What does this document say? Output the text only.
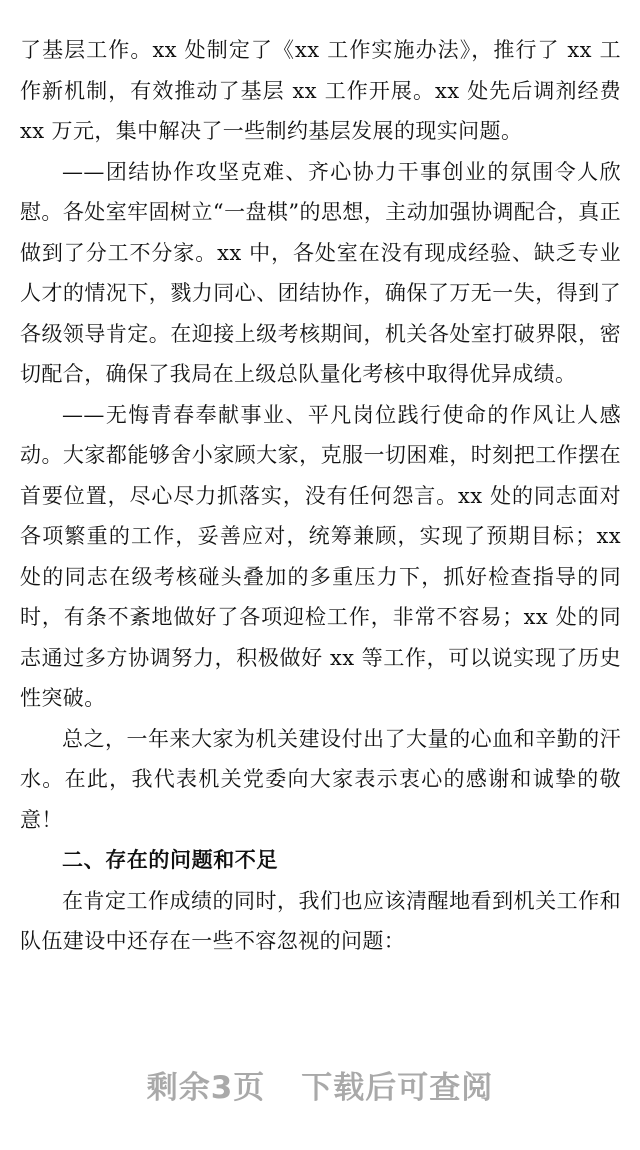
了基层工作。xx 处制定了《xx 工作实施办法》，推行了 xx 工作新机制，有效推动了基层 xx 工作开展。xx 处先后调剂经费 xx 万元，集中解决了一些制约基层发展的现实问题。

——团结协作攻坚克难、齐心协力干事创业的氛围令人欣慰。各处室牢固树立“一盘棋”的思想，主动加强协调配合，真正做到了分工不分家。xx 中，各处室在没有现成经验、缺乏专业人才的情况下，戮力同心、团结协作，确保了万无一失，得到了各级领导肯定。在迎接上级考核期间，机关各处室打破界限，密切配合，确保了我局在上级总队量化考核中取得优异成绩。

——无悔青春奉献事业、平凡岗位践行使命的作风让人感动。大家都能够舍小家顾大家，克服一切困难，时刻把工作摆在首要位置，尽心尽力抓落实，没有任何怨言。xx 处的同志面对各项繁重的工作，妥善应对，统筹兼顾，实现了预期目标；xx 处的同志在级考核碰头叠加的多重压力下，抓好检查指导的同时，有条不紊地做好了各项迎检工作，非常不容易；xx 处的同志通过多方协调努力，积极做好 xx 等工作，可以说实现了历史性突破。

总之，一年来大家为机关建设付出了大量的心血和辛勤的汗水。在此，我代表机关党委向大家表示衷心的感谢和诚挚的敬意！

二、存在的问题和不足

在肯定工作成绩的同时，我们也应该清醒地看到机关工作和队伍建设中还存在一些不容忽视的问题：

剩余3页 下载后可查阅
